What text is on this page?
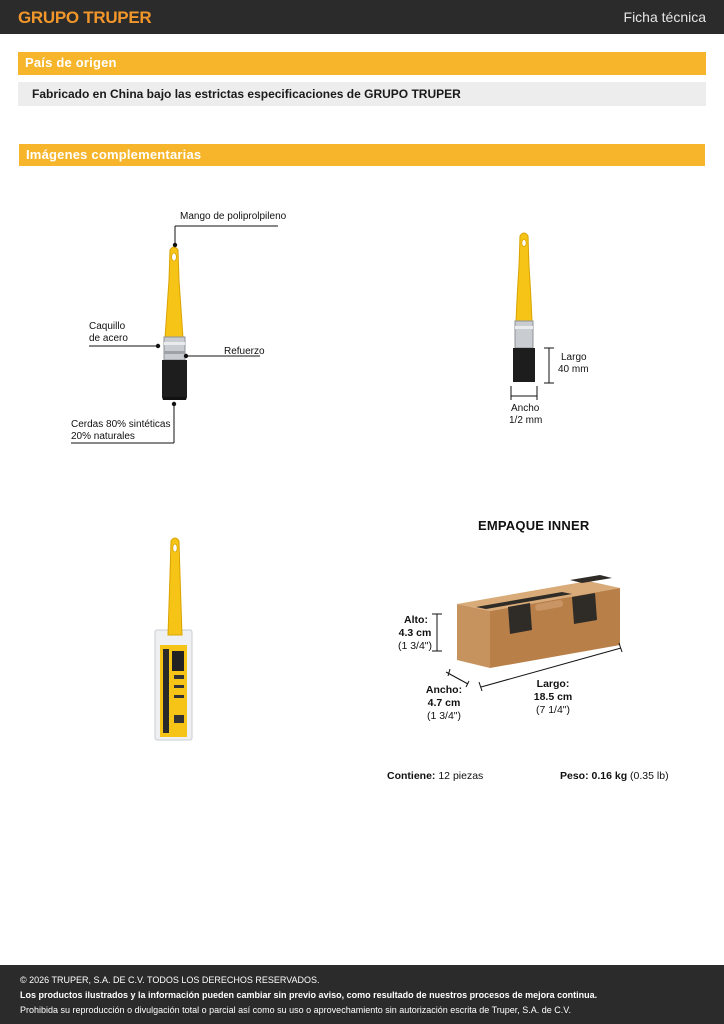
GRUPO TRUPER	Ficha técnica
País de origen
Fabricado en China bajo las estrictas especificaciones de GRUPO TRUPER
Imágenes complementarias
Mango de poliprolpileno
Caquillo
de acero
Refuerzo
Cerdas 80% sintéticas
20% naturales
Largo
40 mm
Ancho
1/2 mm
EMPAQUE INNER
Alto:
4.3 cm
(1 3/4")
Ancho:
4.7 cm
(1 3/4")
Largo:
18.5 cm
(7 1/4")
Contiene: 12 piezas	Peso: 0.16 kg (0.35 lb)
© 2026 TRUPER, S.A. DE C.V. TODOS LOS DERECHOS RESERVADOS.
Los productos ilustrados y la información pueden cambiar sin previo aviso, como resultado de nuestros procesos de mejora continua.
Prohibida su reproducción o divulgación total o parcial así como su uso o aprovechamiento sin autorización escrita de Truper, S.A. de C.V.
